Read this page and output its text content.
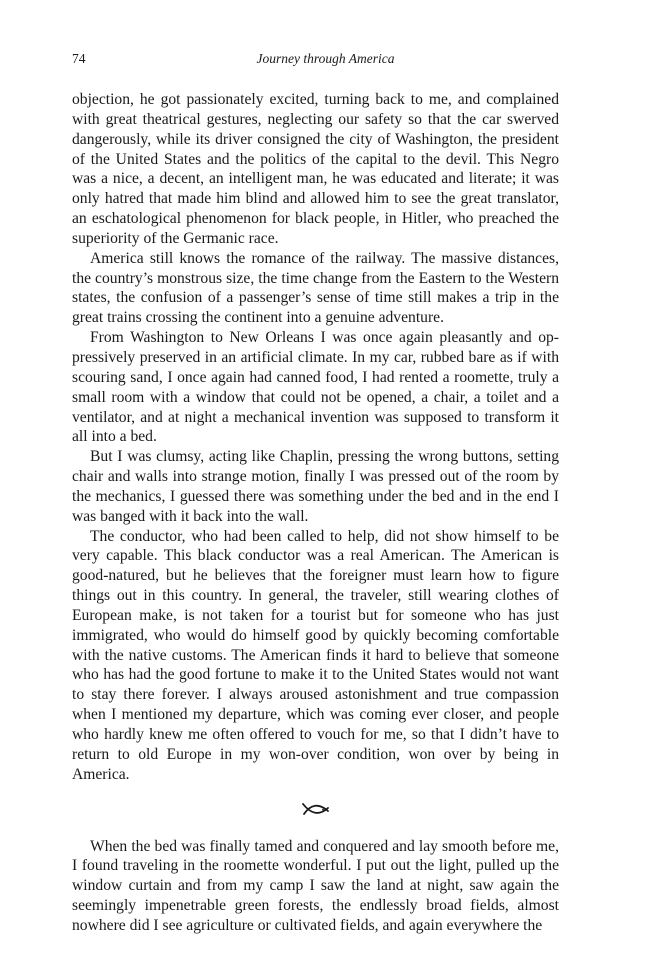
74	Journey through America

objection, he got passionately excited, turning back to me, and complained with great theatrical gestures, neglecting our safety so that the car swerved dangerously, while its driver consigned the city of Washington, the president of the United States and the politics of the capital to the devil. This Negro was a nice, a decent, an intelligent man, he was educated and literate; it was only hatred that made him blind and allowed him to see the great translator, an eschatological phenomenon for black people, in Hitler, who preached the superiority of the Germanic race.

America still knows the romance of the railway. The massive distances, the country’s monstrous size, the time change from the Eastern to the Western states, the confusion of a passenger’s sense of time still makes a trip in the great trains crossing the continent into a genuine adventure.

From Washington to New Orleans I was once again pleasantly and oppressively preserved in an artificial climate. In my car, rubbed bare as if with scouring sand, I once again had canned food, I had rented a roomette, truly a small room with a window that could not be opened, a chair, a toilet and a ventilator, and at night a mechanical invention was supposed to transform it all into a bed.

But I was clumsy, acting like Chaplin, pressing the wrong buttons, setting chair and walls into strange motion, finally I was pressed out of the room by the mechanics, I guessed there was something under the bed and in the end I was banged with it back into the wall.

The conductor, who had been called to help, did not show himself to be very capable. This black conductor was a real American. The American is good-natured, but he believes that the foreigner must learn how to figure things out in this country. In general, the traveler, still wearing clothes of European make, is not taken for a tourist but for someone who has just immigrated, who would do himself good by quickly becoming comfortable with the native customs. The American finds it hard to believe that someone who has had the good fortune to make it to the United States would not want to stay there forever. I always aroused astonishment and true compassion when I mentioned my departure, which was coming ever closer, and people who hardly knew me often offered to vouch for me, so that I didn’t have to return to old Europe in my won-over condition, won over by being in America.

When the bed was finally tamed and conquered and lay smooth before me, I found traveling in the roomette wonderful. I put out the light, pulled up the window curtain and from my camp I saw the land at night, saw again the seemingly impenetrable green forests, the endlessly broad fields, almost nowhere did I see agriculture or cultivated fields, and again everywhere the
